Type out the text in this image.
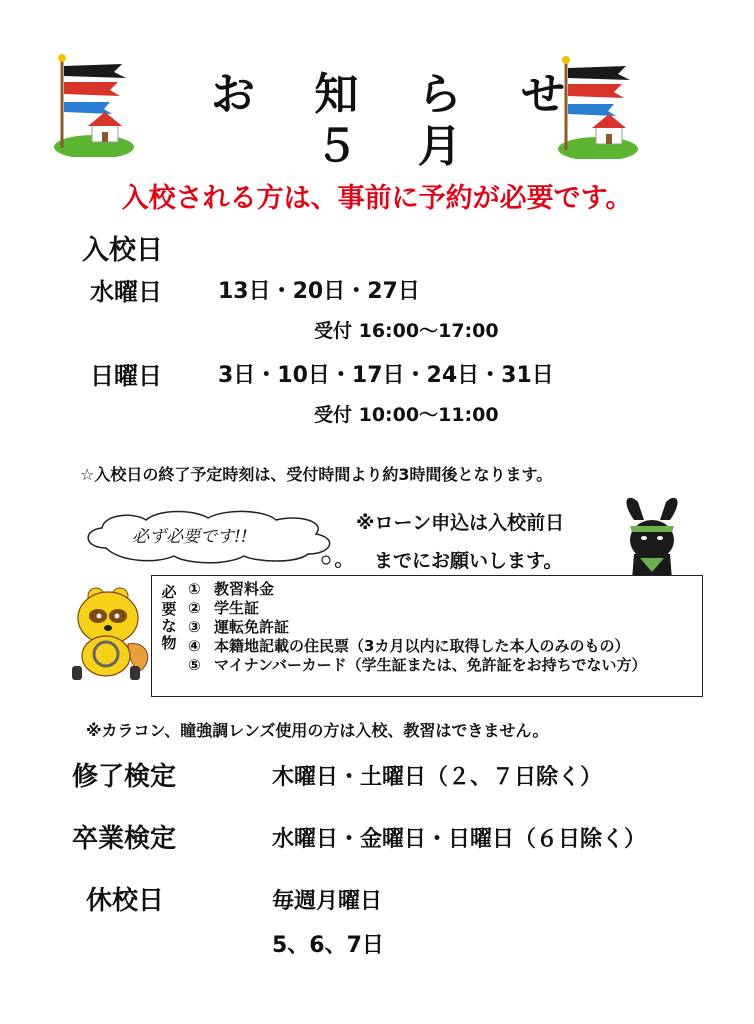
お 知 ら せ
５ 月
入校される方は、事前に予約が必要です。
入校日
水曜日	13日・20日・27日
受付 16:00～17:00
日曜日	3日・10日・17日・24日・31日
受付 10:00～11:00
☆入校日の終了予定時刻は、受付時間より約3時間後となります。
必ず必要です!!
※ローン申込は入校前日
までにお願いします。
必
要
な
物
① 教習料金
② 学生証
③ 運転免許証
④ 本籍地記載の住民票（3カ月以内に取得した本人のみのもの）
⑤ マイナンバーカード（学生証または、免許証をお持ちでない方）
※カラコン、瞳強調レンズ使用の方は入校、教習はできません。
修了検定	木曜日・土曜日（２、７日除く）
卒業検定	水曜日・金曜日・日曜日（６日除く）
休校日	毎週月曜日
5、6、7日
